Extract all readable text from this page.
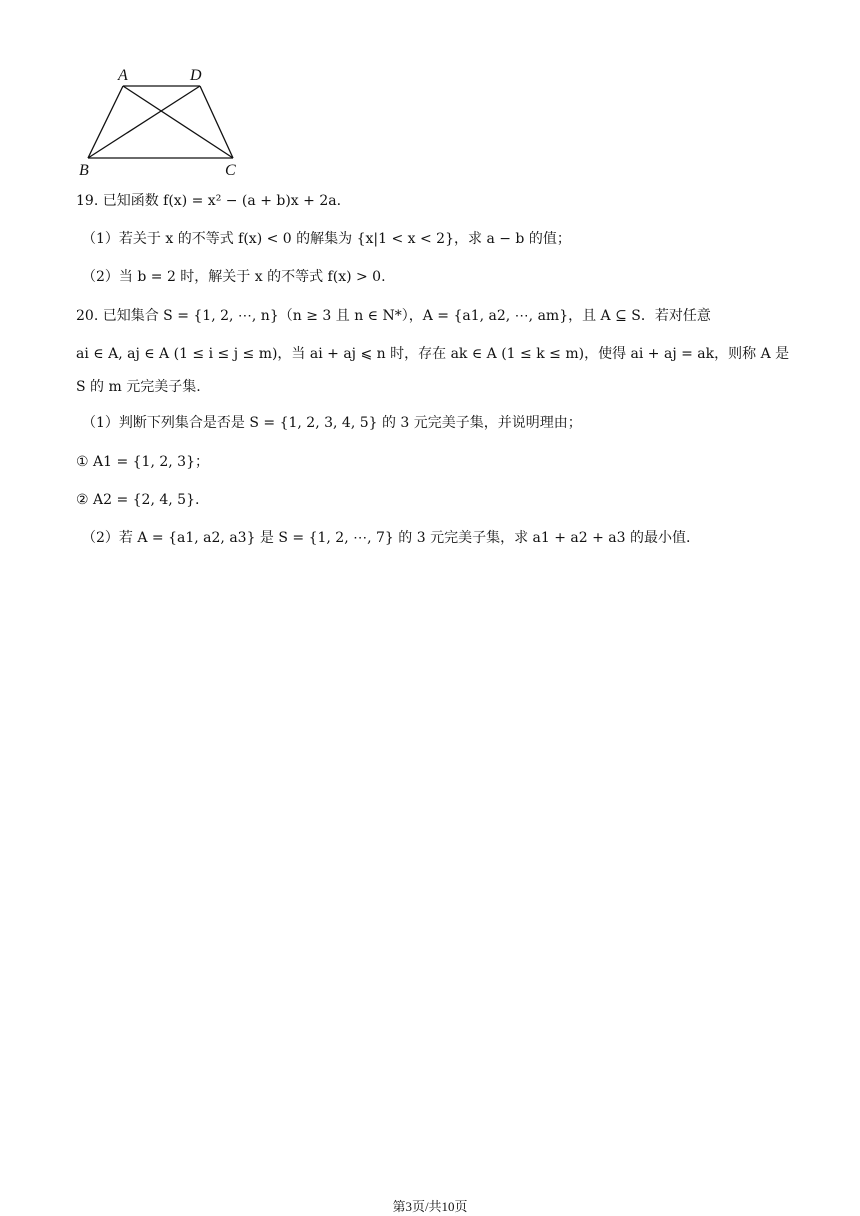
A	D
B	C
19. 已知函数 f(x) = x² − (a + b)x + 2a.
（1）若关于 x 的不等式 f(x) < 0 的解集为 {x|1 < x < 2}，求 a − b 的值；
（2）当 b = 2 时，解关于 x 的不等式 f(x) > 0.
20. 已知集合 S = {1, 2, ⋯, n}（n ≥ 3 且 n ∈ N*），A = {a1, a2, ⋯, am}，且 A ⊆ S．若对任意
ai ∈ A, aj ∈ A (1 ≤ i ≤ j ≤ m)，当 ai + aj ⩽ n 时，存在 ak ∈ A (1 ≤ k ≤ m)，使得 ai + aj = ak，则称 A 是
S 的 m 元完美子集.
（1）判断下列集合是否是 S = {1, 2, 3, 4, 5} 的 3 元完美子集，并说明理由；
① A1 = {1, 2, 3}；
② A2 = {2, 4, 5}.
（2）若 A = {a1, a2, a3} 是 S = {1, 2, ⋯, 7} 的 3 元完美子集，求 a1 + a2 + a3 的最小值.
第3页/共10页
